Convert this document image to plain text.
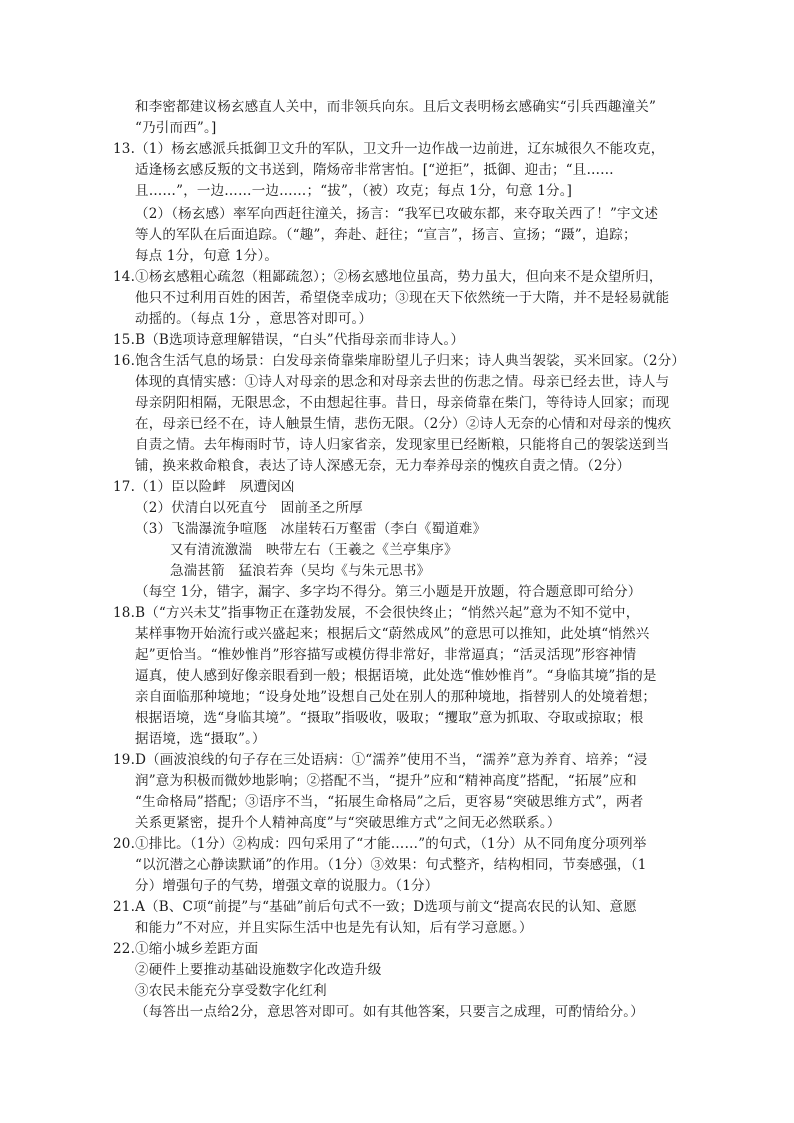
和李密都建议杨玄感直人关中，而非领兵向东。且后文表明杨玄感确实“引兵西趣潼关”
“乃引而西”。]
13.（1）杨玄感派兵抵御卫文升的军队，卫文升一边作战一边前进，辽东城很久不能攻克，
适逢杨玄感反叛的文书送到，隋炀帝非常害怕。[“逆拒”，抵御、迎击；“且……
且……”，一边……一边……；“拔”，（被）攻克；每点 1分，句意 1分。]
（2）（杨玄感）率军向西赶往潼关，扬言：“我军已攻破东都，来夺取关西了！”宇文述
等人的军队在后面追踪。（“趣”，奔赴、赶往；“宣言”，扬言、宣扬；“蹑”，追踪；
每点 1分，句意 1分）。
14.①杨玄感粗心疏忽（粗鄙疏忽）；②杨玄感地位虽高，势力虽大，但向来不是众望所归，
他只不过利用百姓的困苦，希望侥幸成功；③现在天下依然统一于大隋，并不是轻易就能
动摇的。（每点 1分 ，意思答对即可。）
15.B（B选项诗意理解错误，“白头”代指母亲而非诗人。）
16.饱含生活气息的场景：白发母亲倚靠柴扉盼望儿子归来；诗人典当袈裟，买米回家。（2分）
体现的真情实感：①诗人对母亲的思念和对母亲去世的伤悲之情。母亲已经去世，诗人与
母亲阴阳相隔，无限思念，不由想起往事。昔日，母亲倚靠在柴门，等待诗人回家；而现
在，母亲已经不在，诗人触景生情，悲伤无限。（2分）②诗人无奈的心情和对母亲的愧疚
自责之情。去年梅雨时节，诗人归家省亲，发现家里已经断粮，只能将自己的袈裟送到当
铺，换来救命粮食，表达了诗人深感无奈，无力奉养母亲的愧疚自责之情。（2分）
17.（1）臣以险衅　夙遭闵凶
（2）伏清白以死直兮　固前圣之所厚
（3）飞湍瀑流争喧豗　冰崖转石万壑雷（李白《蜀道难》
又有清流激湍　映带左右（王羲之《兰亭集序》
急湍甚箭　猛浪若奔（吴均《与朱元思书》
（每空 1分，错字，漏字、多字均不得分。第三小题是开放题，符合题意即可给分）
18.B（“方兴未艾”指事物正在蓬勃发展，不会很快终止；“悄然兴起”意为不知不觉中，
某样事物开始流行或兴盛起来；根据后文“蔚然成风”的意思可以推知，此处填“悄然兴
起”更恰当。“惟妙惟肖”形容描写或模仿得非常好，非常逼真；“活灵活现”形容神情
逼真，使人感到好像亲眼看到一般；根据语境，此处选“惟妙惟肖”。“身临其境”指的是
亲自面临那种境地；“设身处地”设想自己处在别人的那种境地，指替别人的处境着想；
根据语境，选“身临其境”。“摄取”指吸收，吸取；“攫取”意为抓取、夺取或掠取；根
据语境，选“摄取”。）
19.D（画波浪线的句子存在三处语病：①“濡养”使用不当，“濡养”意为养育、培养；“浸
润”意为积极而微妙地影响；②搭配不当，“提升”应和“精神高度”搭配，“拓展”应和
“生命格局”搭配；③语序不当，“拓展生命格局”之后，更容易“突破思维方式”，两者
关系更紧密，提升个人精神高度”与“突破思维方式”之间无必然联系。）
20.①排比。（1分）②构成：四句采用了“才能……”的句式，（1分）从不同角度分项列举
“以沉潜之心静读默诵”的作用。（1分）③效果：句式整齐，结构相同，节奏感强，（1
分）增强句子的气势，增强文章的说服力。（1分）
21.A（B、C项“前提”与“基础”前后句式不一致；D选项与前文“提高农民的认知、意愿
和能力”不对应，并且实际生活中也是先有认知，后有学习意愿。）
22.①缩小城乡差距方面
②硬件上要推动基础设施数字化改造升级
③农民未能充分享受数字化红利
（每答出一点给2分，意思答对即可。如有其他答案，只要言之成理，可酌情给分。）
